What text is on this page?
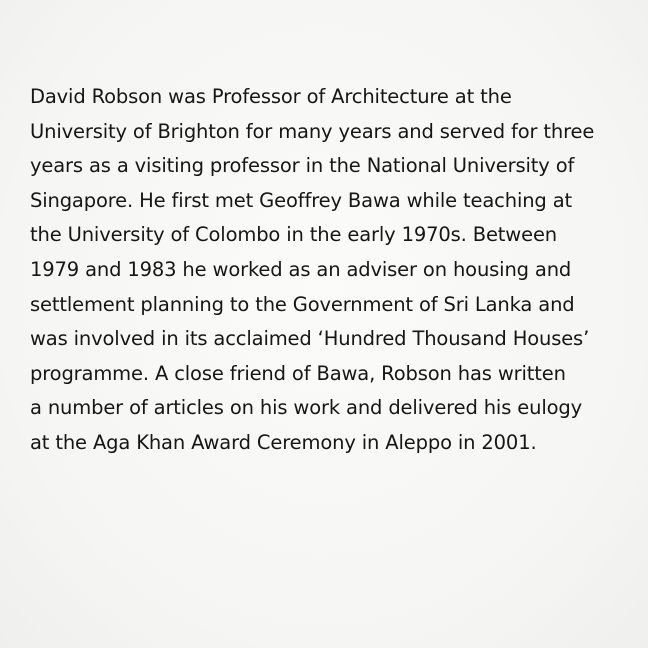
David Robson was Professor of Architecture at the
University of Brighton for many years and served for three
years as a visiting professor in the National University of
Singapore. He first met Geoffrey Bawa while teaching at
the University of Colombo in the early 1970s. Between
1979 and 1983 he worked as an adviser on housing and
settlement planning to the Government of Sri Lanka and
was involved in its acclaimed ‘Hundred Thousand Houses’
programme. A close friend of Bawa, Robson has written
a number of articles on his work and delivered his eulogy
at the Aga Khan Award Ceremony in Aleppo in 2001.
